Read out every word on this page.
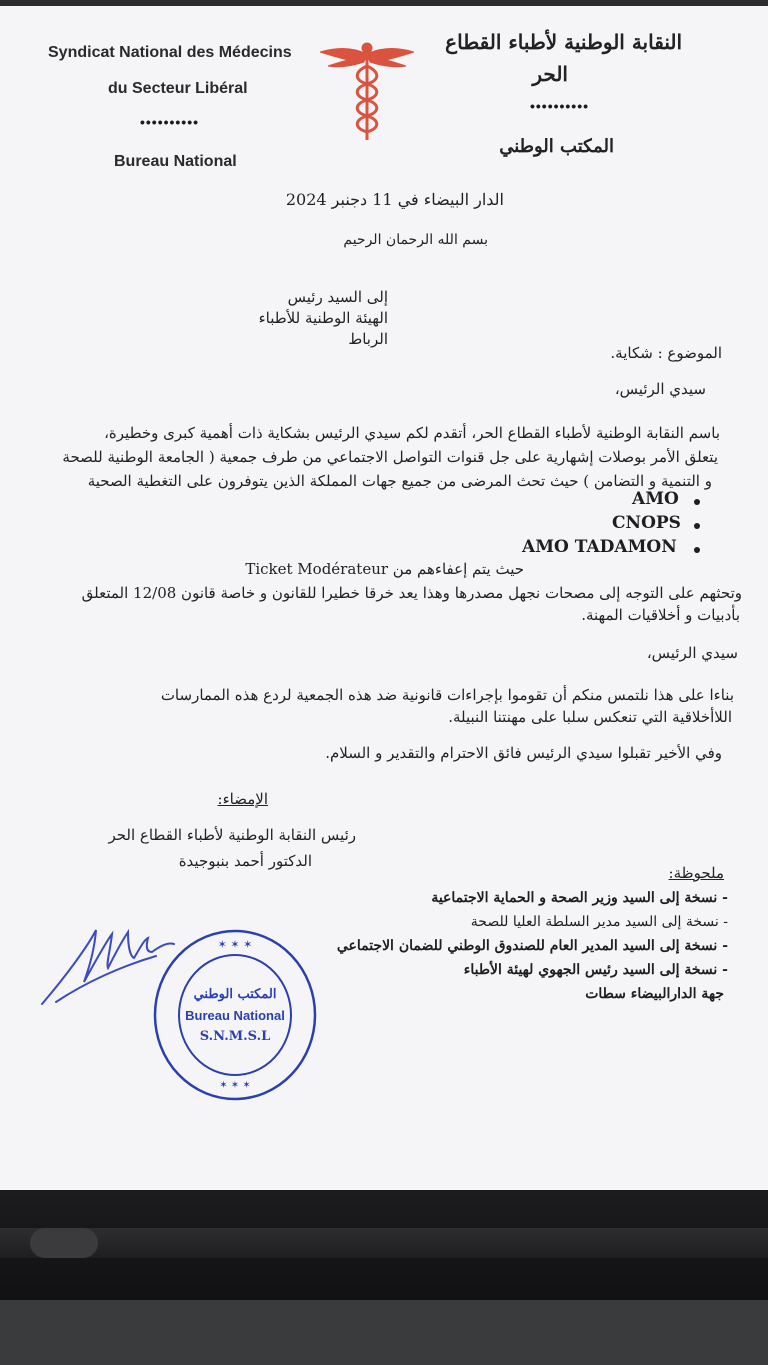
Syndicat National des Médecins
du Secteur Libéral
••••••••••
Bureau National
النقابة الوطنية لأطباء القطاع
الحر
••••••••••
المكتب الوطني
الدار البيضاء في 11 دجنبر 2024
بسم الله الرحمان الرحيم
إلى السيد رئيس
الهيئة الوطنية للأطباء
الرباط
الموضوع : شكاية.
سيدي الرئيس،
باسم النقابة الوطنية لأطباء القطاع الحر، أتقدم لكم سيدي الرئيس بشكاية ذات أهمية كبرى وخطيرة،
يتعلق الأمر بوصلات إشهارية على جل قنوات التواصل الاجتماعي من طرف جمعية ( الجامعة الوطنية للصحة
و التنمية و التضامن ) حيث تحث المرضى من جميع جهات المملكة الذين يتوفرون على التغطية الصحية
AMO
CNOPS
AMO TADAMON
حيث يتم إعفاءهم من Ticket Modérateur
وتحثهم على التوجه إلى مصحات نجهل مصدرها وهذا يعد خرقا خطيرا للقانون و خاصة قانون 12/08 المتعلق
بأدبيات و أخلاقيات المهنة.
سيدي الرئيس،
بناءا على هذا نلتمس منكم أن تقوموا بإجراءات قانونية ضد هذه الجمعية لردع هذه الممارسات
اللاأخلاقية التي تنعكس سلبا على مهنتنا النبيلة.
وفي الأخير تقبلوا سيدي الرئيس فائق الاحترام والتقدير و السلام.
الإمضاء:
رئيس النقابة الوطنية لأطباء القطاع الحر
الدكتور أحمد بنبوجيدة
ملحوظة:
- نسخة إلى السيد وزير الصحة و الحماية الاجتماعية
- نسخة إلى السيد مدير السلطة العليا للصحة
- نسخة إلى السيد المدير العام للصندوق الوطني للضمان الاجتماعي
- نسخة إلى السيد رئيس الجهوي لهيئة الأطباء
جهة الدارالبيضاء سطات
✶ ✶ ✶
✶ ✶ ✶
المكتب الوطني
Bureau National
S.N.M.S.L
